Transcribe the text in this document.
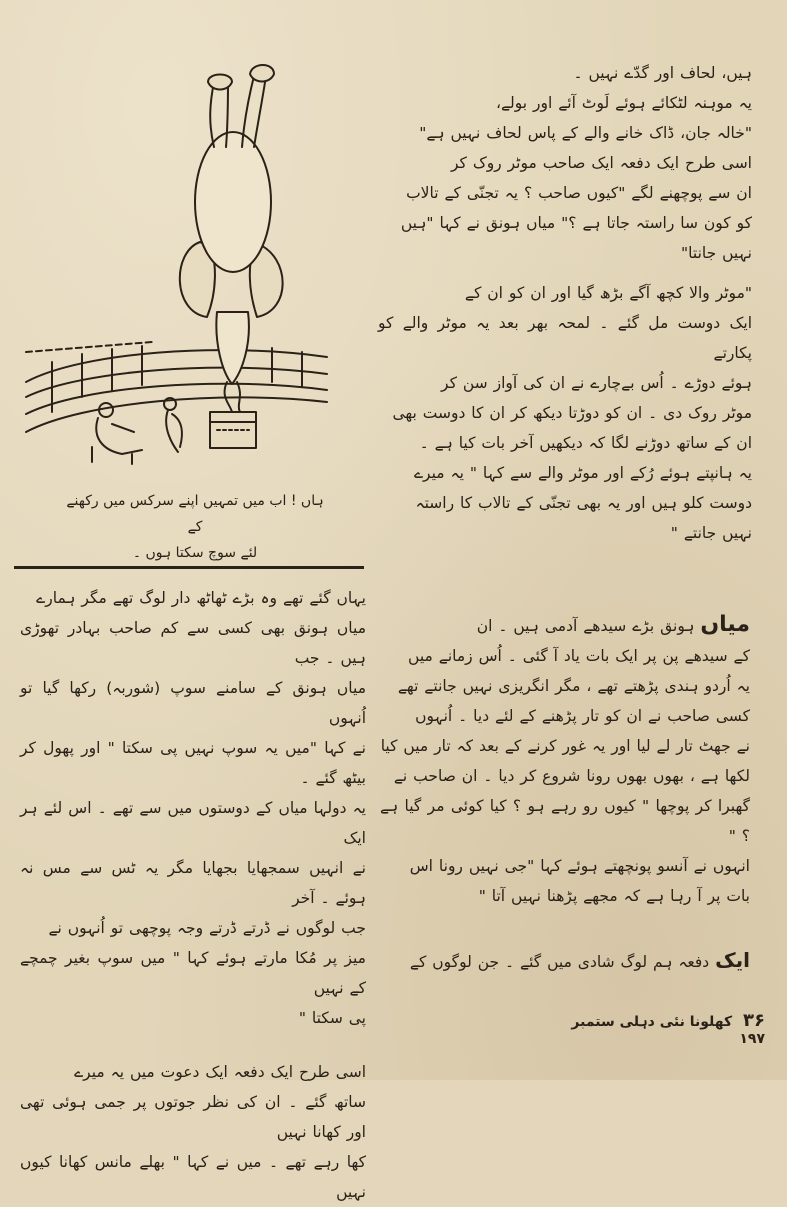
ہاں ! اب میں تمہیں اپنے سرکس میں رکھنے کے
لئے سوچ سکتا ہوں ۔

ہیں، لحاف اور گدّے نہیں ۔

یہ موہنہ لٹکائے ہوئے لَوٹ آئے اور بولے،

"خالہ جان، ڈاک خانے والے کے پاس لحاف نہیں ہے"

اسی طرح ایک دفعہ ایک صاحب موٹر روک کر

ان سے پوچھنے لگے "کیوں صاحب ؟ یہ تجنّی کے تالاب

کو کون سا راستہ جاتا ہے ؟" میاں ہونق نے کہا "ہیں

نہیں جانتا"

"موٹر والا کچھ آگے بڑھ گیا اور ان کو ان کے

ایک دوست مل گئے ۔ لمحہ بھر بعد یہ موٹر والے کو پکارتے

ہوئے دوڑے ۔ اُس بےچارے نے ان کی آواز سن کر

موٹر روک دی ۔ ان کو دوڑتا دیکھ کر ان کا دوست بھی

ان کے ساتھ دوڑنے لگا کہ دیکھیں آخر بات کیا ہے ۔

یہ ہانپتے ہوئے رُکے اور موٹر والے سے کہا " یہ میرے

دوست کلو ہیں اور یہ بھی تجنّی کے تالاب کا راستہ

نہیں جانتے "

میاں ہونق بڑے سیدھے آدمی ہیں ۔ ان

کے سیدھے پن پر ایک بات یاد آ گئی ۔ اُس زمانے میں

یہ اُردو ہندی پڑھتے تھے ، مگر انگریزی نہیں جانتے تھے

کسی صاحب نے ان کو تار پڑھنے کے لئے دیا ۔ اُنہوں

نے جھٹ تار لے لیا اور یہ غور کرنے کے بعد کہ تار میں کیا

لکھا ہے ، بھوں بھوں رونا شروع کر دیا ۔ ان صاحب نے

گھبرا کر پوچھا " کیوں رو رہے ہو ؟ کیا کوئی مر گیا ہے ؟ "

انہوں نے آنسو پونچھتے ہوئے کہا "جی نہیں رونا اس

بات پر آ رہا ہے کہ مجھے پڑھنا نہیں آتا "

ایک دفعہ ہم لوگ شادی میں گئے ۔ جن لوگوں کے

یہاں گئے تھے وہ بڑے ٹھاٹھ دار لوگ تھے مگر ہمارے

میاں ہونق بھی کسی سے کم صاحب بہادر تھوڑی ہیں ۔ جب

میاں ہونق کے سامنے سوپ (شوربہ) رکھا گیا تو اُنہوں

نے کہا "میں یہ سوپ نہیں پی سکتا " اور پھول کر بیٹھ گئے ۔

یہ دولہا میاں کے دوستوں میں سے تھے ۔ اس لئے ہر ایک

نے انہیں سمجھایا بجھایا مگر یہ ٹس سے مس نہ ہوئے ۔ آخر

جب لوگوں نے ڈرتے ڈرتے وجہ پوچھی تو اُنہوں نے

میز پر مُکا مارتے ہوئے کہا " میں سوپ بغیر چمچے کے نہیں

پی سکتا "

اسی طرح ایک دفعہ ایک دعوت میں یہ میرے

ساتھ گئے ۔ ان کی نظر جوتوں پر جمی ہوئی تھی اور کھانا نہیں

کھا رہے تھے ۔ میں نے کہا " بھلے مانس کھانا کیوں نہیں

۳۶ کھلونا نئی دہلی ستمبر ۱۹۷
